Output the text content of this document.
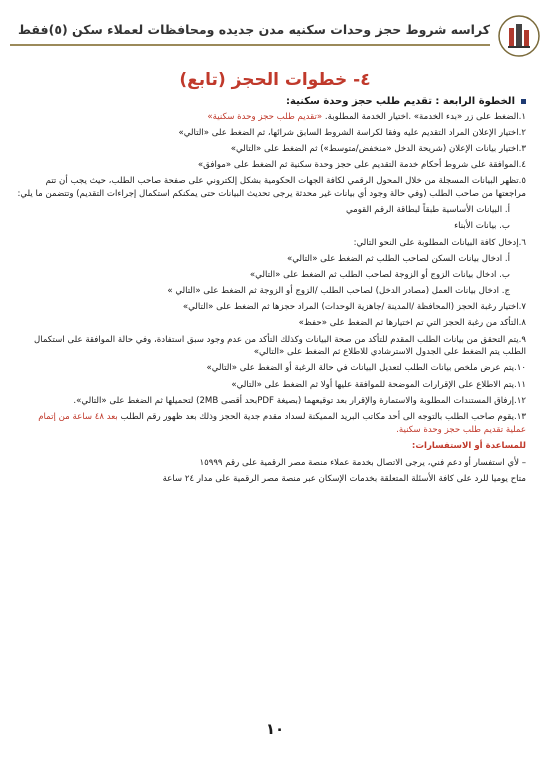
كراسه شروط حجز وحدات سكنيه مدن جديده ومحافظات لعملاء سكن (٥)فقط
٤- خطوات الحجز (تابع)

الخطوة الرابعة : تقديم طلب حجز وحدة سكنية:

١.الضغط على زر «بدء الخدمة» .اختيار الخدمة المطلوبة. «تقديم طلب حجز وحدة سكنية»

٢.اختيار الإعلان المراد التقديم عليه وفقا لكراسة الشروط السابق شرائها، ثم الضغط على «التالي»

٣.اختيار بيانات الإعلان (شريحة الدخل «منخفض/متوسط») ثم الضغط على «التالي»

٤.الموافقة على شروط أحكام خدمة التقديم على حجز وحدة سكنية ثم الضغط على «موافق»

٥.تظهر البيانات المسجلة من خلال المحول الرقمي لكافة الجهات الحكومية بشكل إلكتروني على صفحة صاحب الطلب، حيث يجب أن تتم مراجعتها من صاحب الطلب (وفي حالة وجود أي بيانات غير محدثة يرجى تحديث البيانات حتى يمكنكم استكمال إجراءات التقديم) وتتضمن ما يلي:

أ. البيانات الأساسية طبقاً لبطاقة الرقم القومي

ب. بيانات الأبناء

٦.إدخال كافة البيانات المطلوبة على النحو التالي:

أ. ادخال بيانات السكن لصاحب الطلب ثم الضغط على «التالي»

ب. ادخال بيانات الزوج أو الزوجة لصاحب الطلب ثم الضغط على «التالي»

ج. ادخال بيانات العمل (مصادر الدخل) لصاحب الطلب /الزوج أو الزوجة ثم الضغط على «التالي »

٧.اختيار رغبة الحجز (المحافظة /المدينة /جاهزية الوحدات) المراد حجزها ثم الضغط على «التالي»

٨.التأكد من رغبة الحجز التي تم اختيارها ثم الضغط على «حفظ»

٩.يتم التحقق من بيانات الطلب المقدم للتأكد من صحة البيانات وكذلك التأكد من عدم وجود سبق استفادة، وفي حالة الموافقة على استكمال الطلب يتم الضغط على الجدول الاسترشادي للاطلاع ثم الضغط على «التالي»

١٠.يتم عرض ملخص بيانات الطلب لتعديل البيانات في حالة الرغبة أو الضغط على «التالي»

١١.يتم الاطلاع على الإقرارات الموضحة للموافقة عليها أولا ثم الضغط على «التالي»

١٢.إرفاق المستندات المطلوبة والاستمارة والإقرار بعد توقيعهما (بصيغة PDFبحد أقصى 2MB) لتحميلها ثم الضغط على «التالي».

١٣.يقوم صاحب الطلب بالتوجه الى أحد مكاتب البريد المميكنة لسداد مقدم جدية الحجز وذلك بعد ظهور رقم الطلب بعد ٤٨ ساعة من إتمام عملية تقديم طلب حجز وحدة سكنية.

للمساعدة أو الاستفسارات:

– لأي استفسار أو دعم فني، يرجى الاتصال بخدمة عملاء منصة مصر الرقمية على رقم ١٥٩٩٩

متاح يوميا للرد على كافة الأسئلة المتعلقة بخدمات الإسكان عبر منصة مصر الرقمية على مدار ٢٤ ساعة

١٠
